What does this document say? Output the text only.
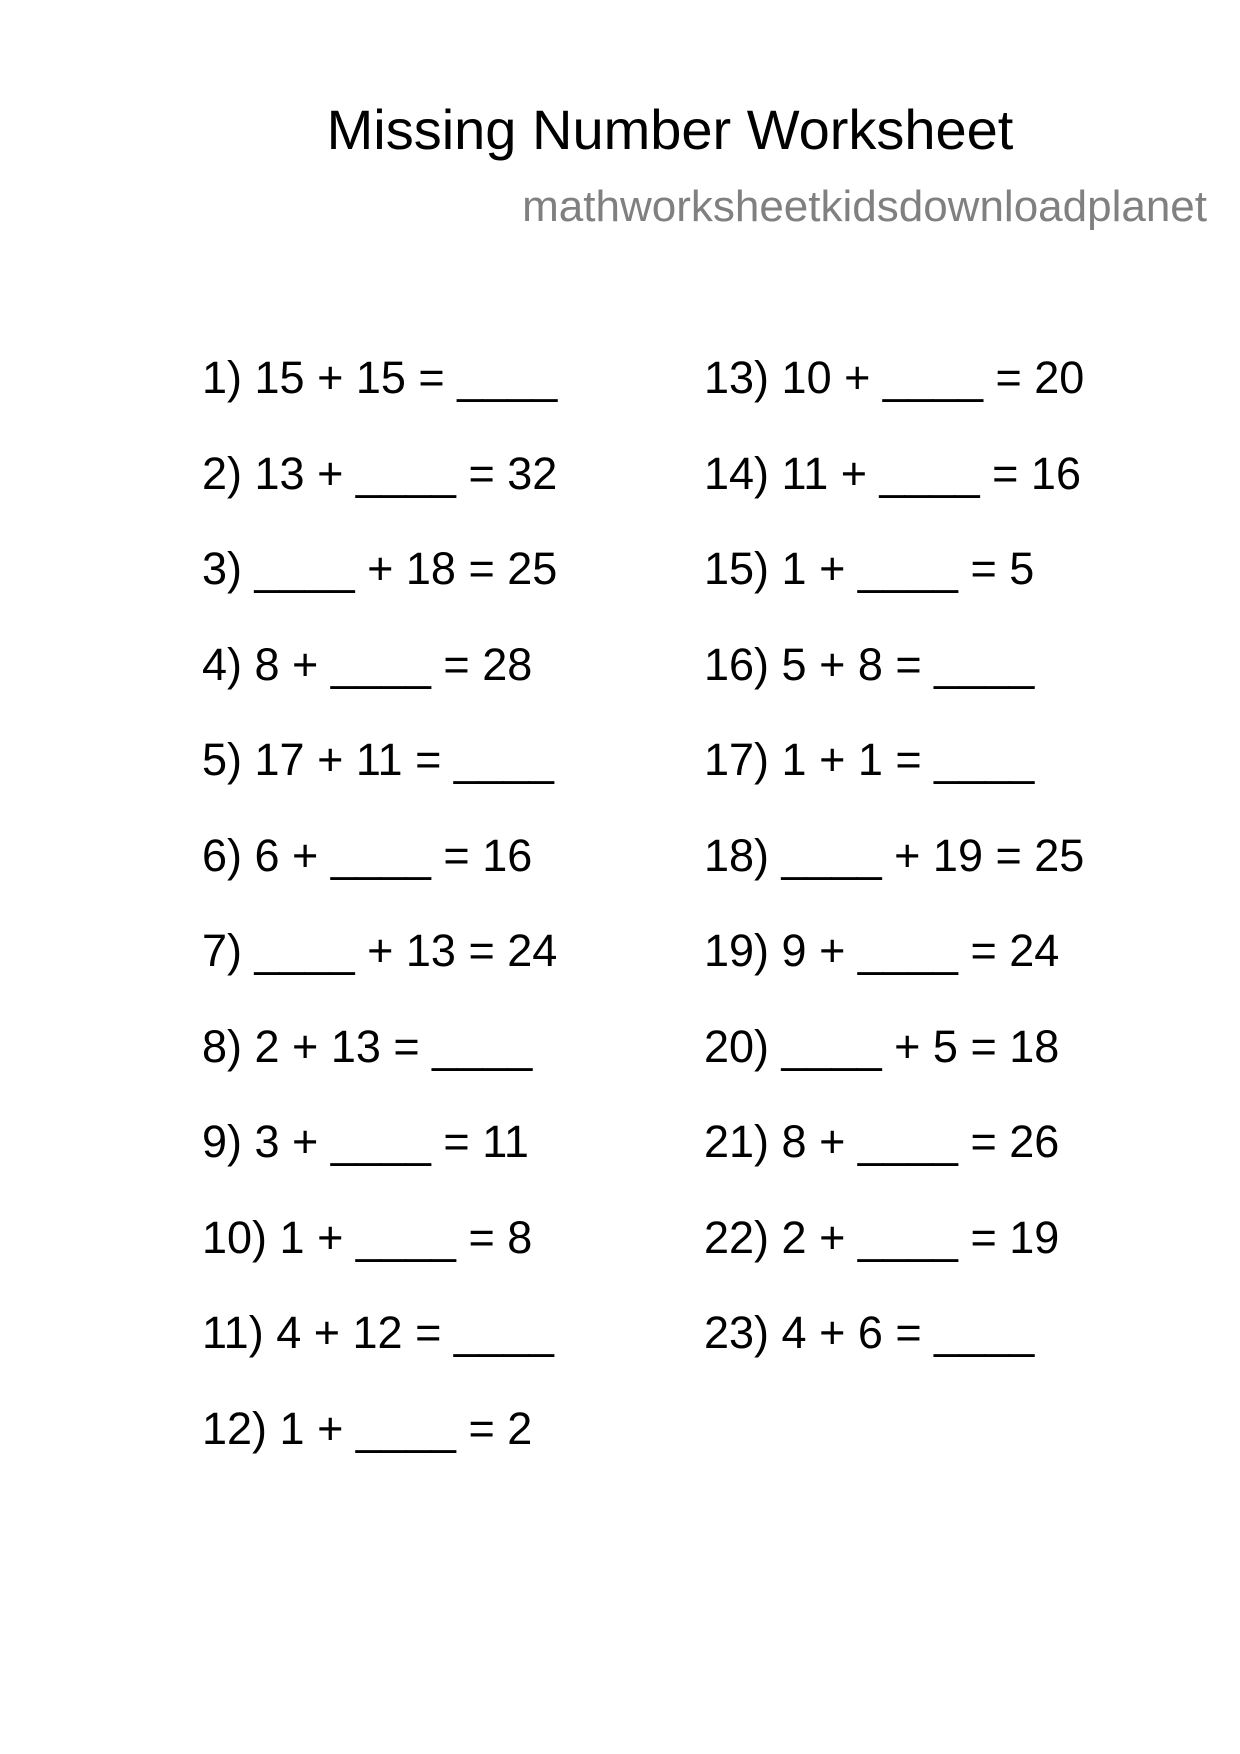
Missing Number Worksheet
mathworksheetkidsdownloadplanet
1) 15 + 15 = ____
2) 13 + ____ = 32
3) ____ + 18 = 25
4) 8 + ____ = 28
5) 17 + 11 = ____
6) 6 + ____ = 16
7) ____ + 13 = 24
8) 2 + 13 = ____
9) 3 + ____ = 11
10) 1 + ____ = 8
11) 4 + 12 = ____
12) 1 + ____ = 2
13) 10 + ____ = 20
14) 11 + ____ = 16
15) 1 + ____ = 5
16) 5 + 8 = ____
17) 1 + 1 = ____
18) ____ + 19 = 25
19) 9 + ____ = 24
20) ____ + 5 = 18
21) 8 + ____ = 26
22) 2 + ____ = 19
23) 4 + 6 = ____
